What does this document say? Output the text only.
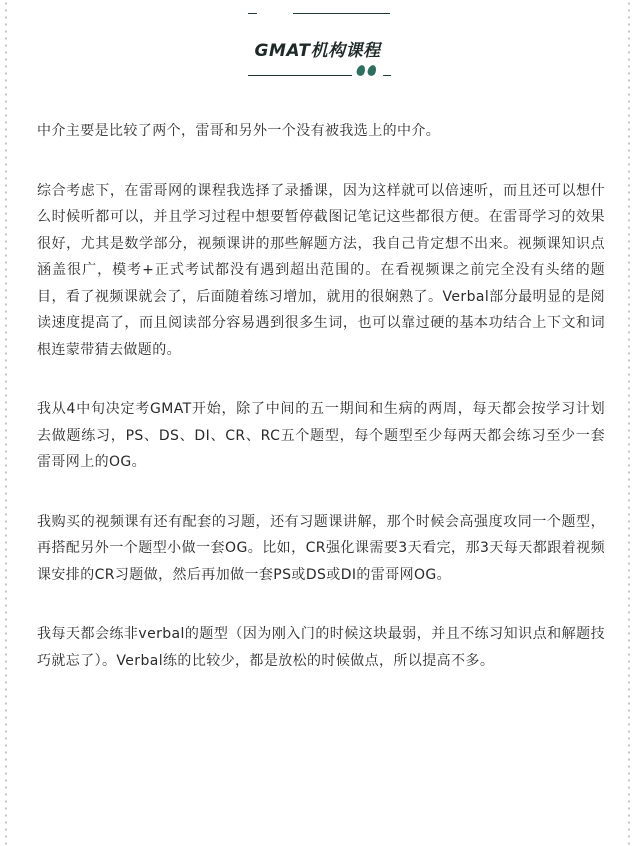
GMAT机构课程

中介主要是比较了两个，雷哥和另外一个没有被我选上的中介。

综合考虑下，在雷哥网的课程我选择了录播课，因为这样就可以倍速听，而且还可以想什么时候听都可以，并且学习过程中想要暂停截图记笔记这些都很方便。在雷哥学习的效果很好，尤其是数学部分，视频课讲的那些解题方法，我自己肯定想不出来。视频课知识点涵盖很广，模考+正式考试都没有遇到超出范围的。在看视频课之前完全没有头绪的题目，看了视频课就会了，后面随着练习增加，就用的很娴熟了。Verbal部分最明显的是阅读速度提高了，而且阅读部分容易遇到很多生词，也可以靠过硬的基本功结合上下文和词根连蒙带猜去做题的。

我从4中旬决定考GMAT开始，除了中间的五一期间和生病的两周，每天都会按学习计划去做题练习，PS、DS、DI、CR、RC五个题型，每个题型至少每两天都会练习至少一套雷哥网上的OG。

我购买的视频课有还有配套的习题，还有习题课讲解，那个时候会高强度攻同一个题型，再搭配另外一个题型小做一套OG。比如，CR强化课需要3天看完，那3天每天都跟着视频课安排的CR习题做，然后再加做一套PS或DS或DI的雷哥网OG。

我每天都会练非verbal的题型（因为刚入门的时候这块最弱，并且不练习知识点和解题技巧就忘了）。Verbal练的比较少，都是放松的时候做点，所以提高不多。
